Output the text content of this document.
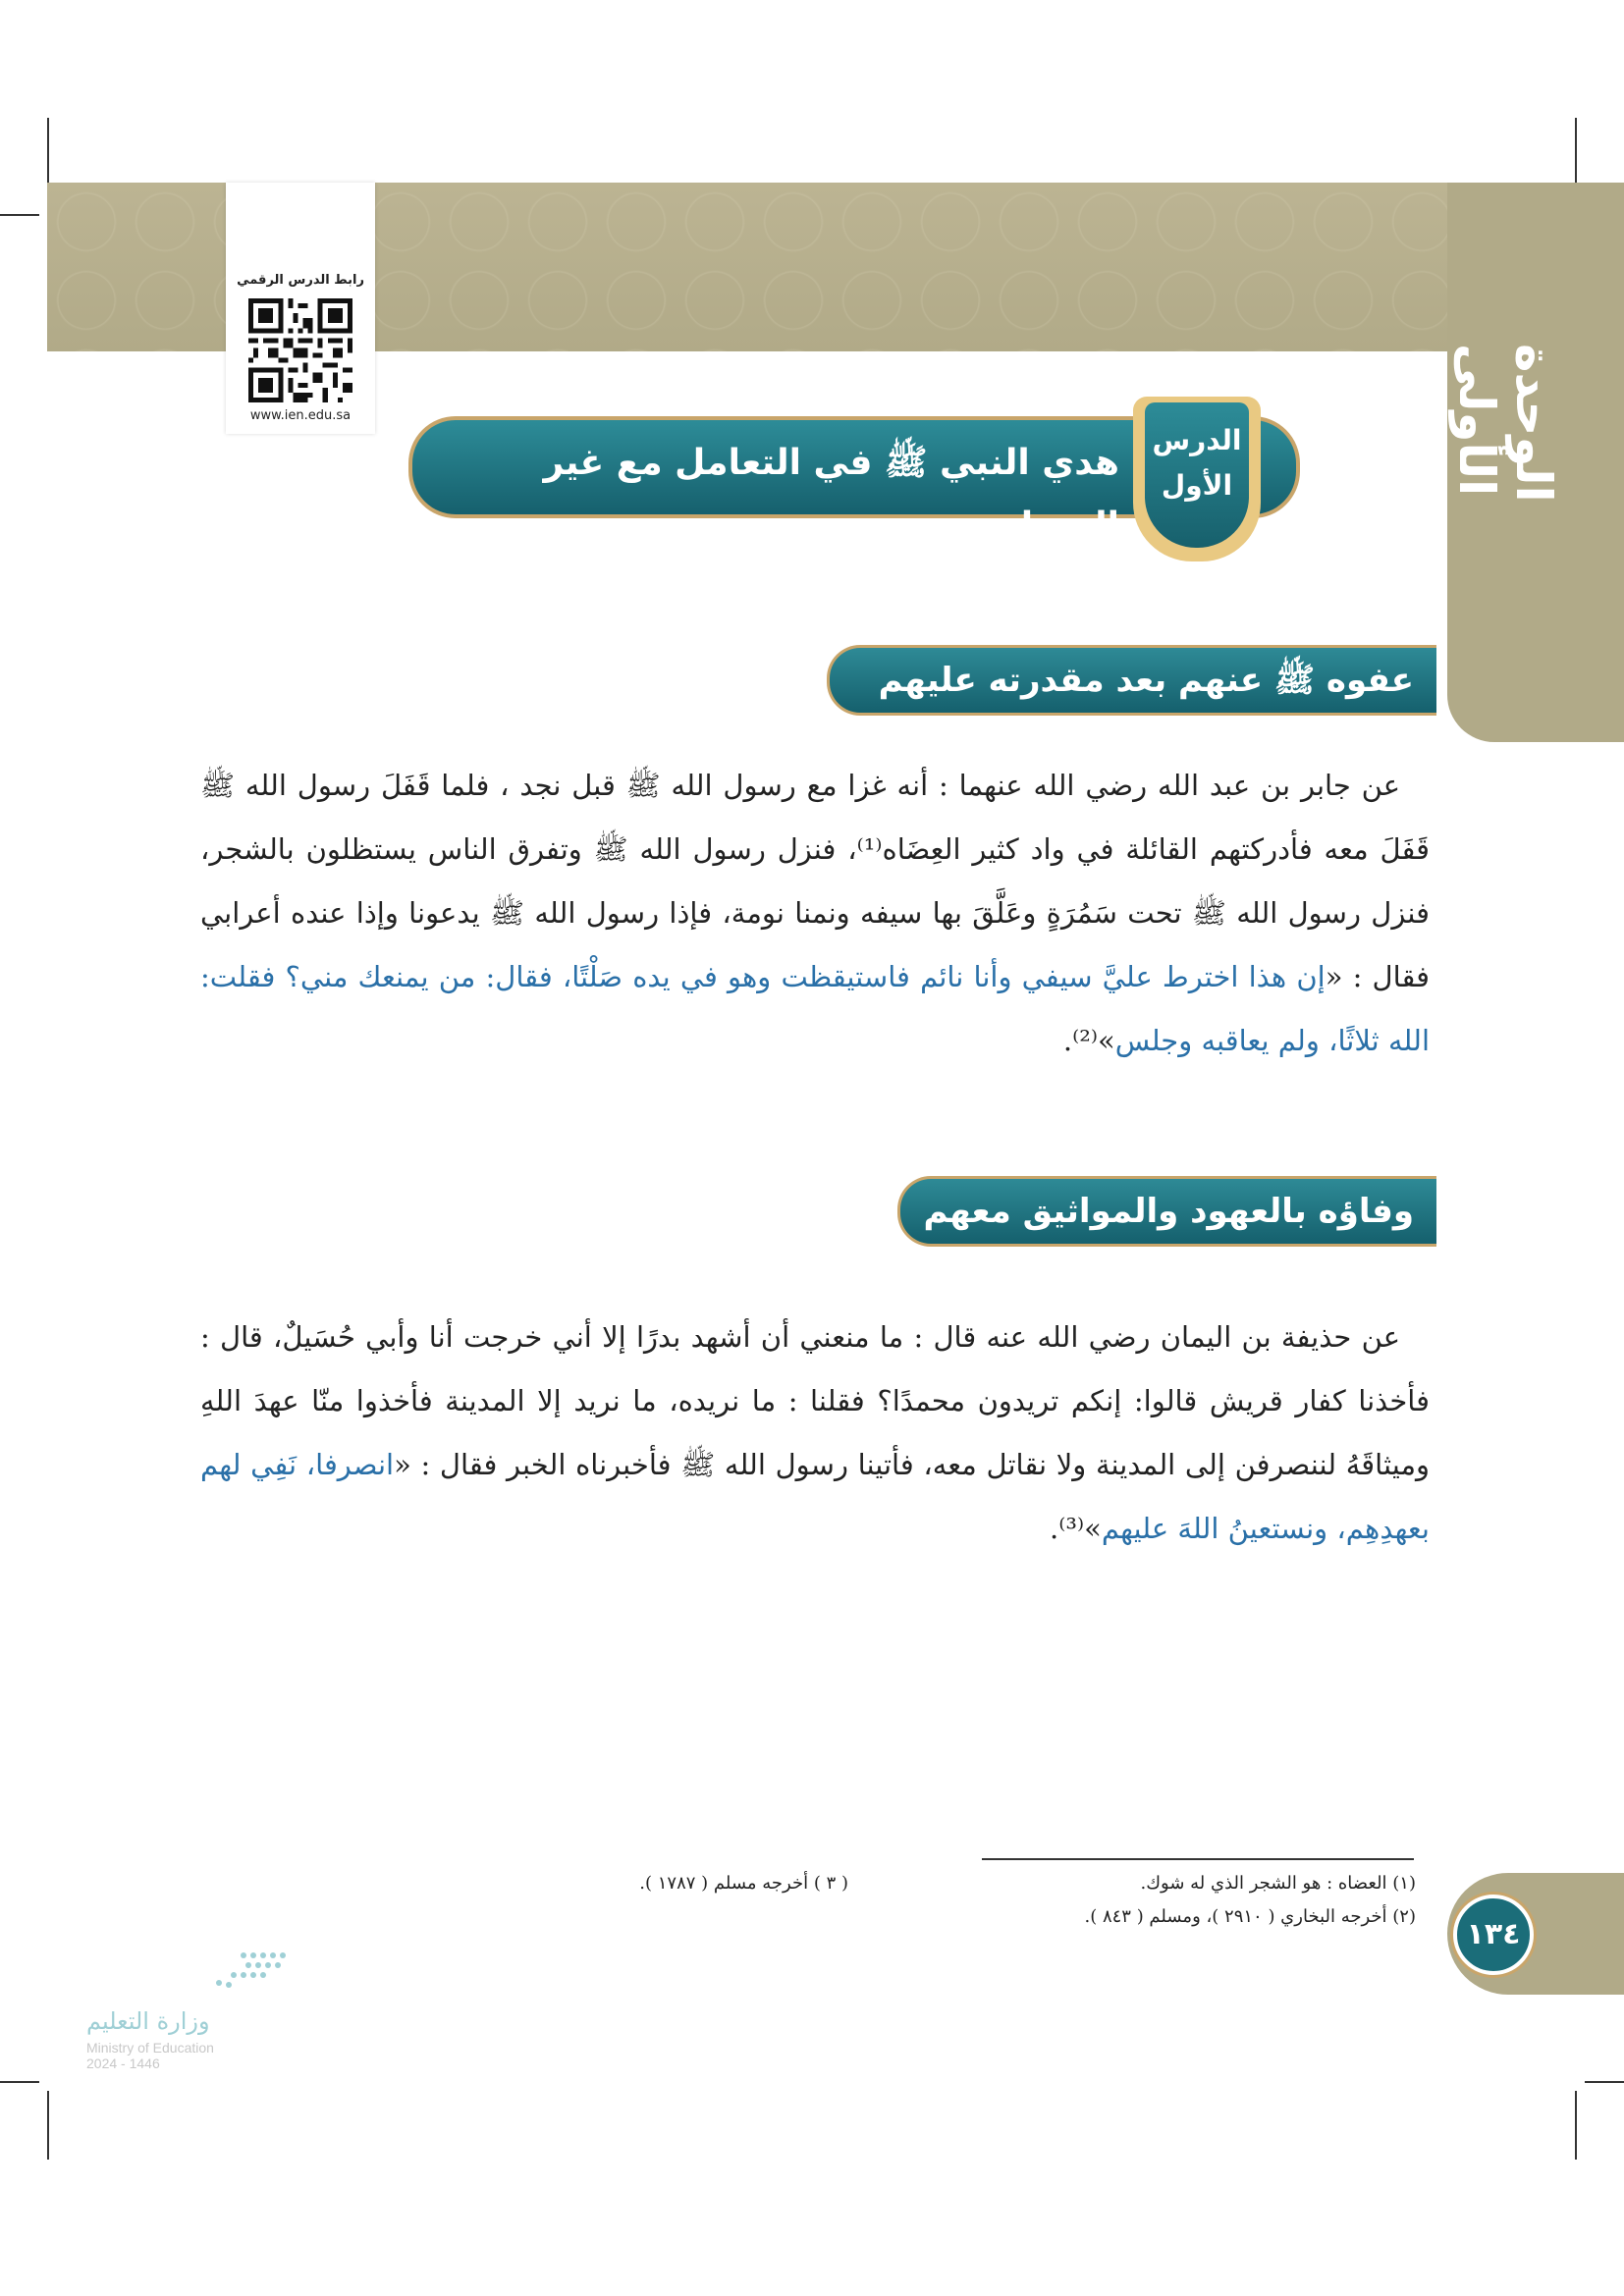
الوحدة الأولى
رابط الدرس الرقمي
www.ien.edu.sa
هدي النبي ﷺ في التعامل مع غير المسلمين
الدرس
الأول
عفوه ﷺ عنهم بعد مقدرته عليهم

عن جابر بن عبد الله رضي الله عنهما : أنه غزا مع رسول الله ﷺ قبل نجد ، فلما قَفَلَ رسول الله ﷺ قَفَلَ معه فأدركتهم القائلة في واد كثير العِضَاه⁽¹⁾، فنزل رسول الله ﷺ وتفرق الناس يستظلون بالشجر، فنزل رسول الله ﷺ تحت سَمُرَةٍ وعَلَّقَ بها سيفه ونمنا نومة، فإذا رسول الله ﷺ يدعونا وإذا عنده أعرابي فقال : «إن هذا اخترط عليَّ سيفي وأنا نائم فاستيقظت وهو في يده صَلْتًا، فقال: من يمنعك مني؟ فقلت: الله ثلاثًا، ولم يعاقبه وجلس»⁽²⁾.

وفاؤه بالعهود والمواثيق معهم

عن حذيفة بن اليمان رضي الله عنه قال : ما منعني أن أشهد بدرًا إلا أني خرجت أنا وأبي حُسَيلٌ، قال : فأخذنا كفار قريش قالوا: إنكم تريدون محمدًا؟ فقلنا : ما نريده، ما نريد إلا المدينة فأخذوا منّا عهدَ اللهِ وميثاقَهُ لننصرفن إلى المدينة ولا نقاتل معه، فأتينا رسول الله ﷺ فأخبرناه الخبر فقال : «انصرفا، نَفِي لهم بعهدِهِم، ونستعينُ اللهَ عليهم»⁽³⁾.

(١) العضاه : هو الشجر الذي له شوك.
(٢) أخرجه البخاري ( ٢٩١٠ )، ومسلم ( ٨٤٣ ).
( ٣ ) أخرجه مسلم ( ١٧٨٧ ).
١٣٤
وزارة التعليم
Ministry of Education
2024 - 1446
